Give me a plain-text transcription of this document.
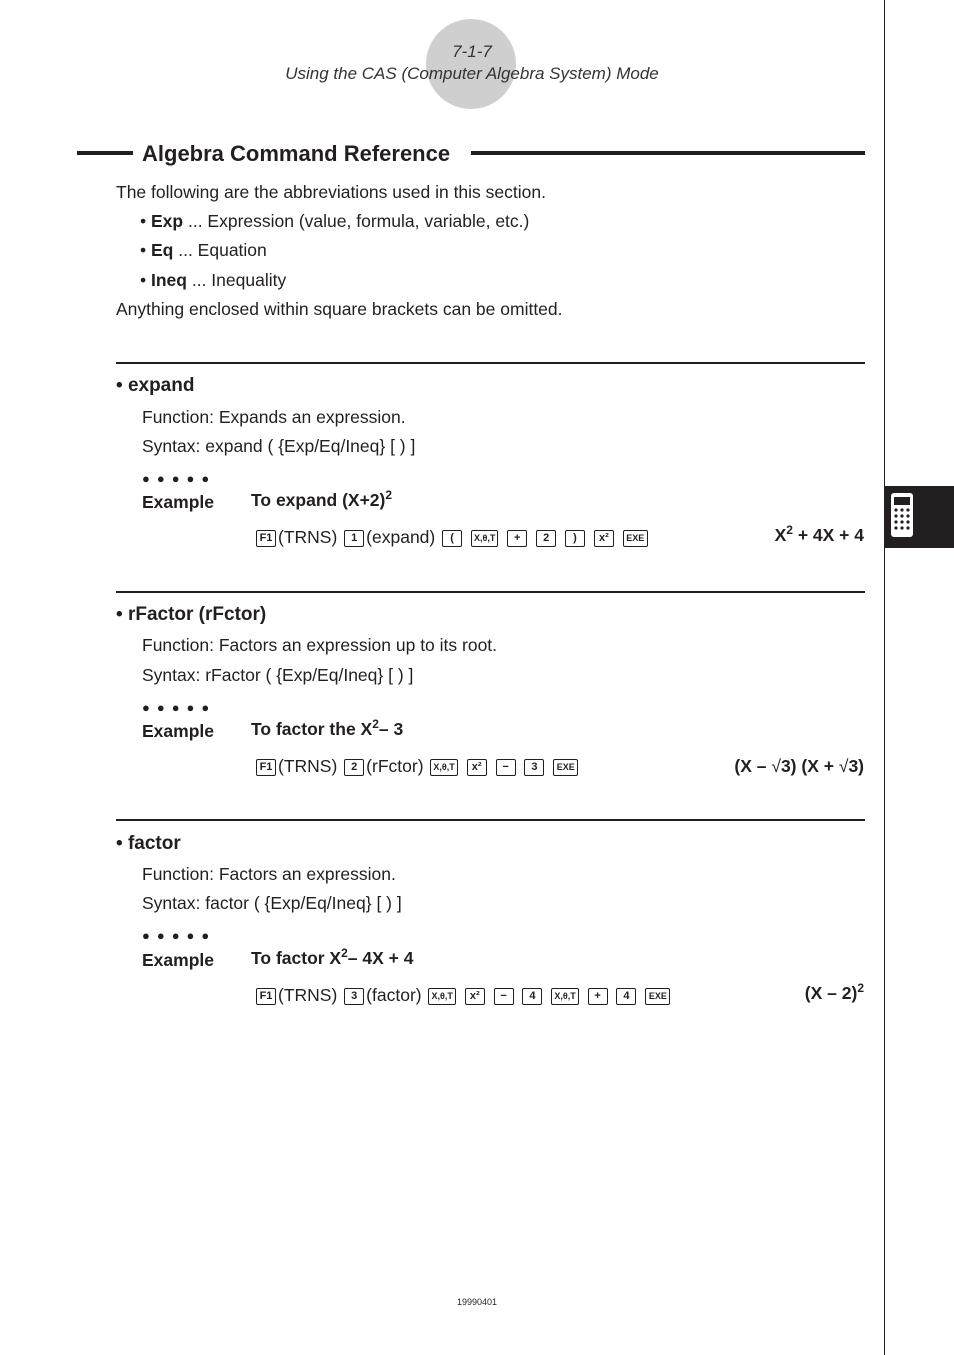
7-1-7
Using the CAS (Computer Algebra System) Mode
Algebra Command Reference
The following are the abbreviations used in this section.
• Exp ... Expression (value, formula, variable, etc.)
• Eq ... Equation
• Ineq ... Inequality
Anything enclosed within square brackets can be omitted.
• expand
Function: Expands an expression.
Syntax: expand ( {Exp/Eq/Ineq} [ ) ]
●●●●●
Example To expand $(X+2)^2$
F1 (TRNS) 1 (expand) ( X,θ,T + 2 ) x² EXE	$X^2 + 4X + 4$
• rFactor (rFctor)
Function: Factors an expression up to its root.
Syntax: rFactor ( {Exp/Eq/Ineq} [ ) ]
●●●●●
Example To factor the $X^2-$ 3
F1 (TRNS) 2 (rFctor) X,θ,T x² − 3 EXE	(X – √3) (X + √3)
• factor
Function: Factors an expression.
Syntax: factor ( {Exp/Eq/Ineq} [ ) ]
●●●●●
Example To factor $X^2-$ 4X + 4
F1 (TRNS) 3 (factor) X,θ,T x² − 4 X,θ,T + 4 EXE	(X – 2)$^2$
19990401
